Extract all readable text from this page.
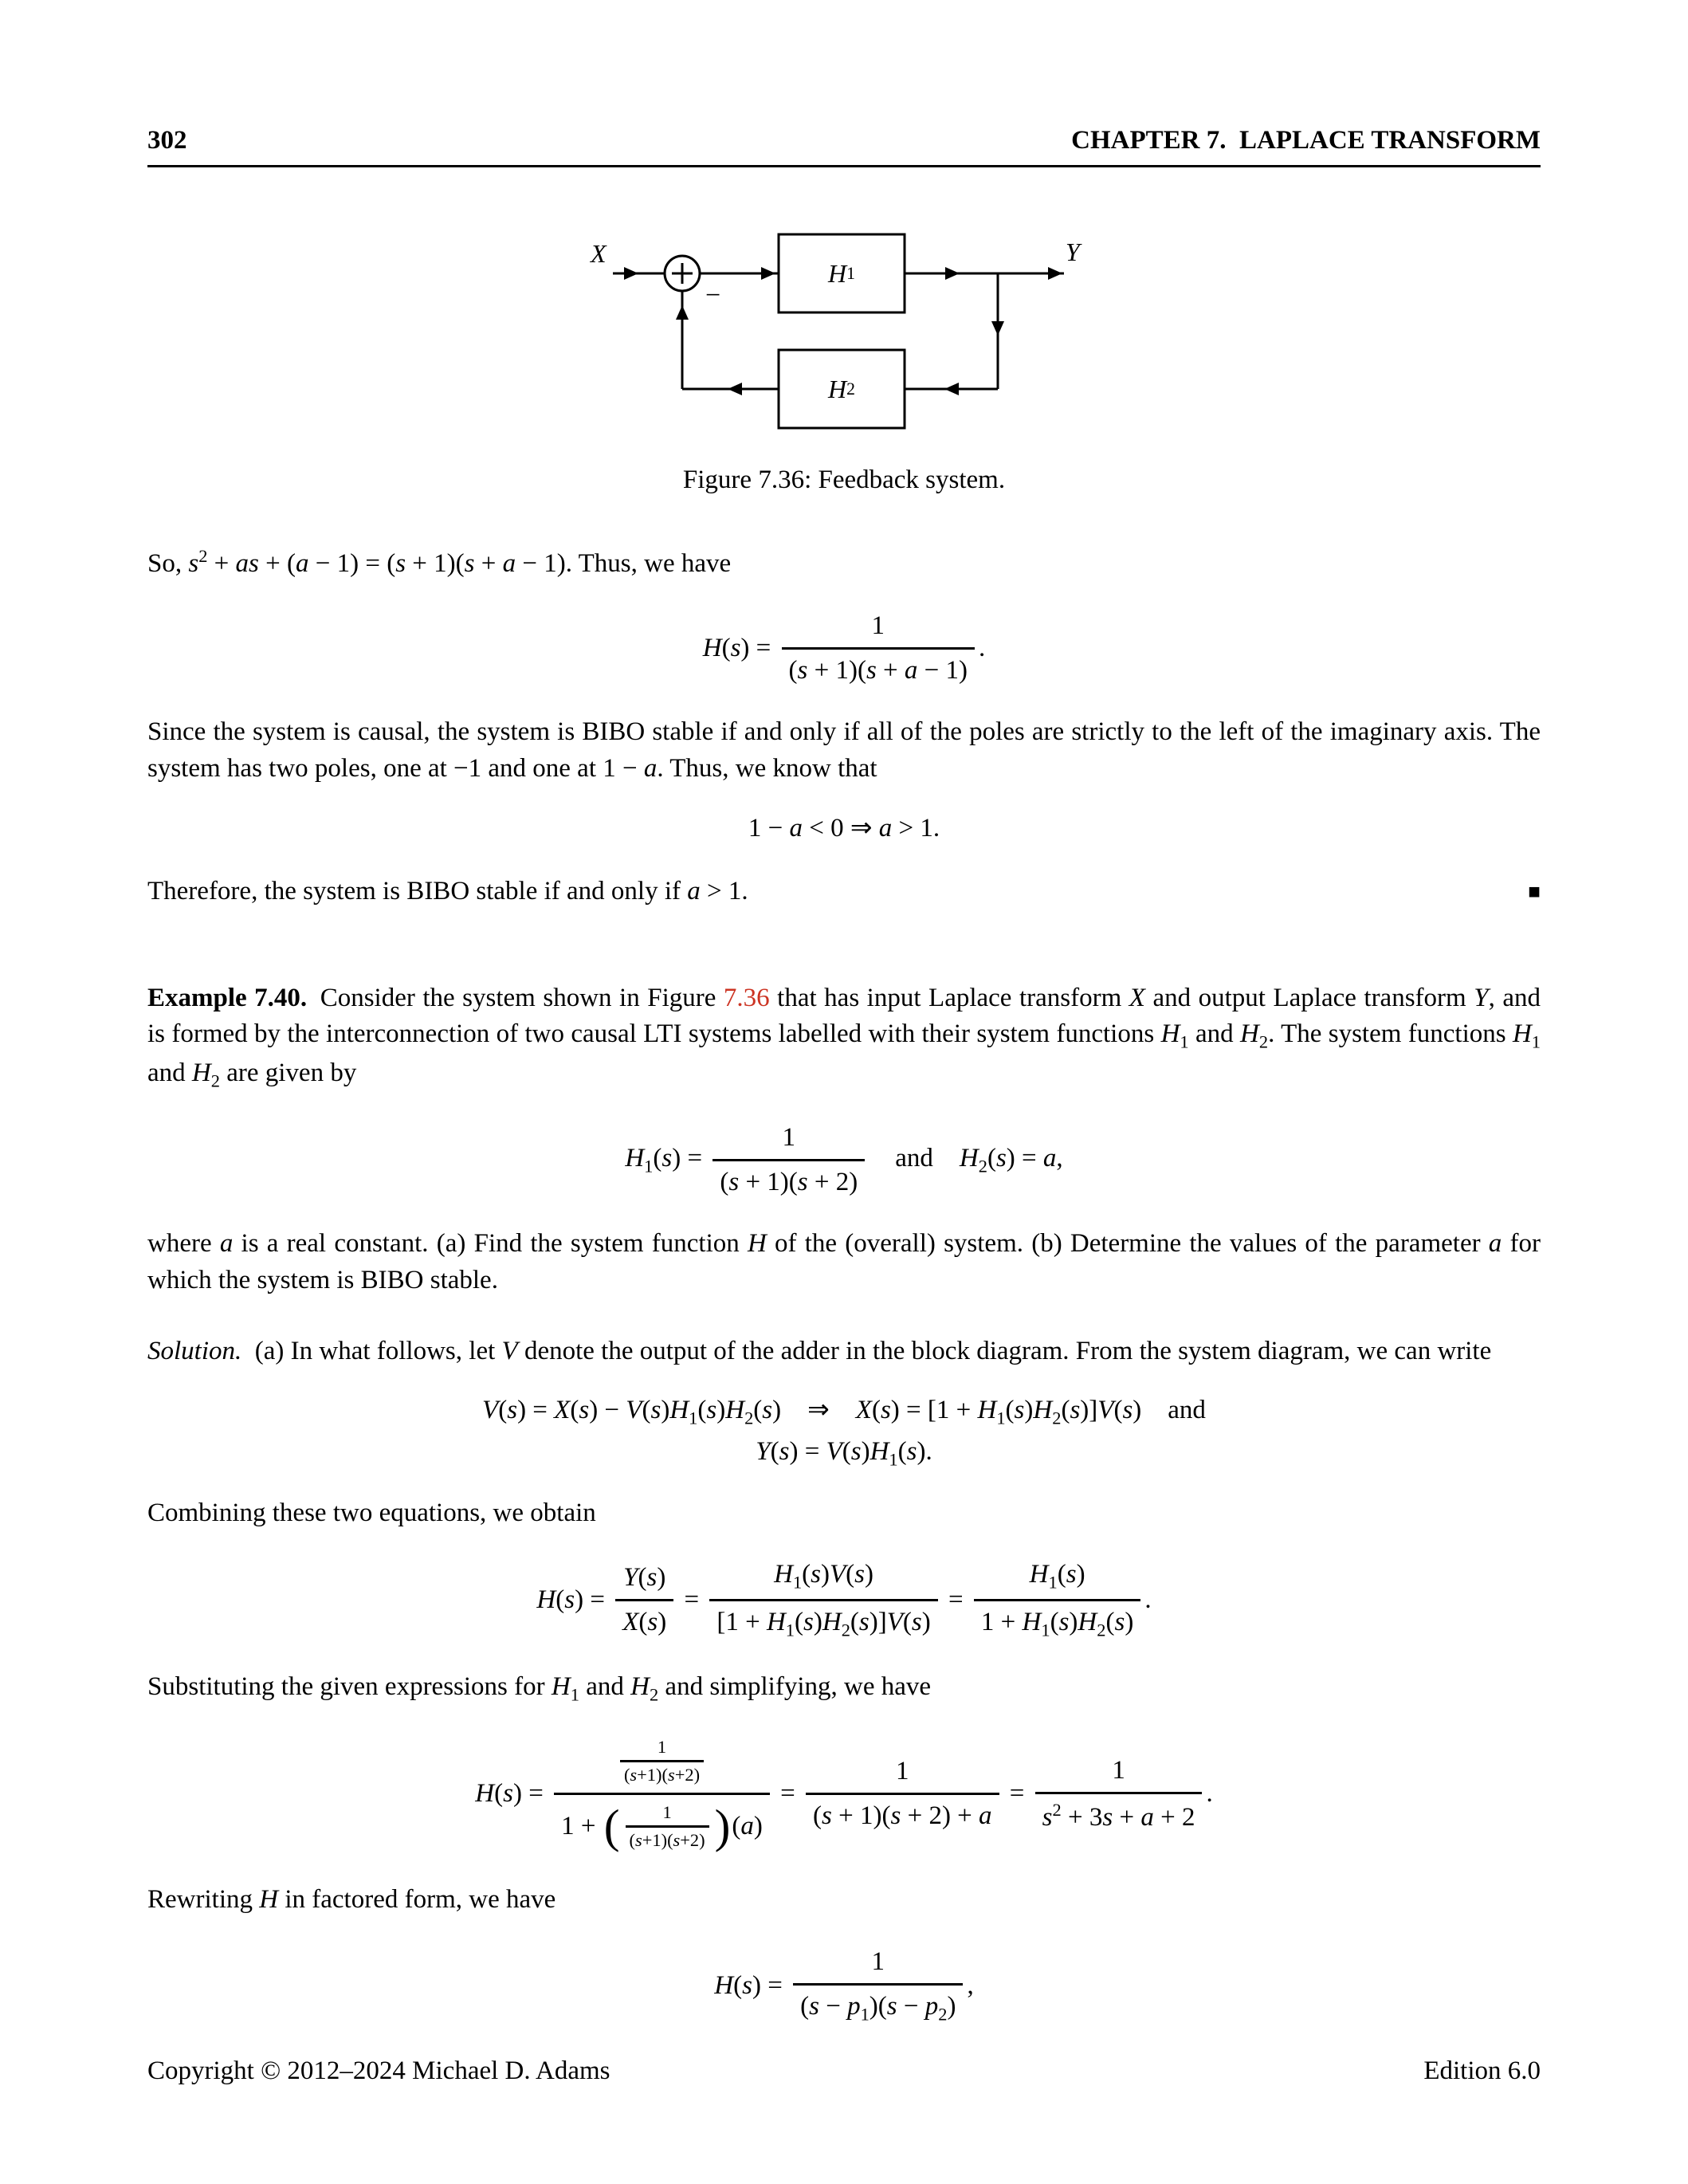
302	CHAPTER 7. LAPLACE TRANSFORM
X	Y
H 1
H 2
−
Figure 7.36: Feedback system.

So, $s^2$ + as + (a − 1) = (s + 1)(s + a − 1). Thus, we have

$H(s) = \frac{1}{(s + 1)(s + a - 1)}$ .

Since the system is causal, the system is BIBO stable if and only if all of the poles are strictly to the left of the imaginary axis. The system has two poles, one at −1 and one at 1 − a. Thus, we know that

1 − a < 0 ⇒ a > 1.
Therefore, the system is BIBO stable if and only if a > 1.	■

Example 7.40. Consider the system shown in Figure 7.36 that has input Laplace transform X and output Laplace transform Y, and is formed by the interconnection of two causal LTI systems labelled with their system functions $H_1$ and $H_2$. The system functions $H_1$ and $H_2$ are given by

$H_1(s) = \frac{1}{(s + 1)(s + 2)}$  and $H_2(s) = a$,

where a is a real constant. (a) Find the system function H of the (overall) system. (b) Determine the values of the parameter a for which the system is BIBO stable.

Solution. (a) In what follows, let V denote the output of the adder in the block diagram. From the system diagram, we can write

$V(s) = X(s) - V(s)H_1(s)H_2(s)$ ⇒ $X(s) = [1 + H_1(s)H_2(s)]V(s)$ and
$Y(s) = V(s)H_1(s)$.

Combining these two equations, we obtain

$H(s) = \frac{Y(s)}{X(s)} = \frac{H_1(s)V(s)}{[1 + H_1(s)H_2(s)]V(s)} = \frac{H_1(s)}{1 + H_1(s)H_2(s)}$ .

Substituting the given expressions for $H_1$ and $H_2$ and simplifying, we have

$H(s) = \frac{\frac{1}{(s+1)(s+2)}}{1 + ( \frac{1}{(s+1)(s+2)} ) (a)} = \frac{1}{(s + 1)(s + 2) + a} = \frac{1}{s^2 + 3s + a + 2}$ .

Rewriting H in factored form, we have

$H(s) = \frac{1}{(s - p_1)(s - p_2)}$ ,
Copyright © 2012–2024 Michael D. Adams	Edition 6.0
